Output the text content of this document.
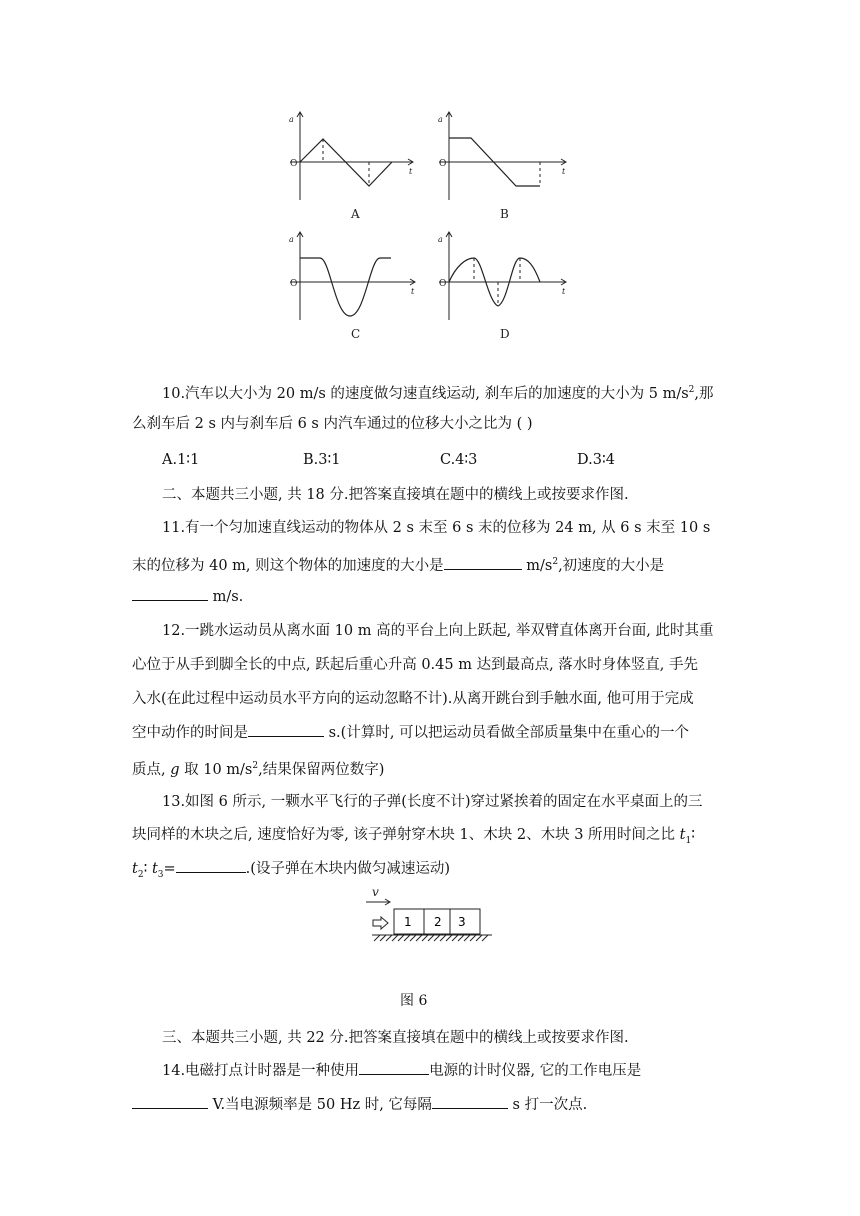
a
O
t
A
a
O
t
B
a
O
t
C
a
O
t
D
10.汽车以大小为 20 m/s 的速度做匀速直线运动, 刹车后的加速度的大小为 5 $m/s^2$,那
么刹车后 2 s 内与刹车后 6 s 内汽车通过的位移大小之比为 ( )
A.1∶1	B.3∶1	C.4∶3	D.3∶4
二、本题共三小题, 共 18 分.把答案直接填在题中的横线上或按要求作图.
11.有一个匀加速直线运动的物体从 2 s 末至 6 s 末的位移为 24 m, 从 6 s 末至 10 s
末的位移为 40 m, 则这个物体的加速度的大小是	$m/s^2$,初速度的大小是
m/s.
12.一跳水运动员从离水面 10 m 高的平台上向上跃起, 举双臂直体离开台面, 此时其重
心位于从手到脚全长的中点, 跃起后重心升高 0.45 m 达到最高点, 落水时身体竖直, 手先
入水(在此过程中运动员水平方向的运动忽略不计).从离开跳台到手触水面, 他可用于完成
空中动作的时间是	s.(计算时, 可以把运动员看做全部质量集中在重心的一个
质点, g 取 10 $m/s^2$,结果保留两位数字)
13.如图 6 所示, 一颗水平飞行的子弹(长度不计)穿过紧挨着的固定在水平桌面上的三
块同样的木块之后, 速度恰好为零, 该子弹射穿木块 1、木块 2、木块 3 所用时间之比 $t_1∶$
$t_2∶$ $t_3=$	.(设子弹在木块内做匀减速运动)
v
1 2 3
图 6
三、本题共三小题, 共 22 分.把答案直接填在题中的横线上或按要求作图.
14.电磁打点计时器是一种使用	电源的计时仪器, 它的工作电压是
V.当电源频率是 50 Hz 时, 它每隔	s 打一次点.
